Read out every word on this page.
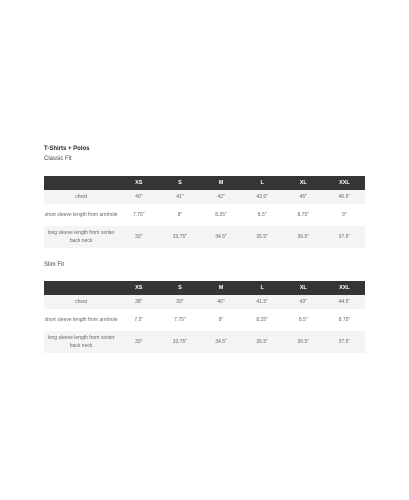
T-Shirts + Polos
Classic Fit
	XS	S	M	L	XL	XXL
chest	40"	41"	42"	43.5"	45"	46.5"
short sleeve length from armhole	7.75"	8"	8.25"	8.5"	8.75"	9"
long sleeve length from center back neck	33"	33.75"	34.5"	35.5"	36.5"	37.5"
Slim Fit
	XS	S	M	L	XL	XXL
chest	38"	39"	40"	41.5"	43"	44.5"
short sleeve length from armhole	7.5"	7.75"	8"	8.25"	8.5"	8.75"
long sleeve length from center back neck	33"	33.75"	34.5"	35.5"	36.5"	37.5"
